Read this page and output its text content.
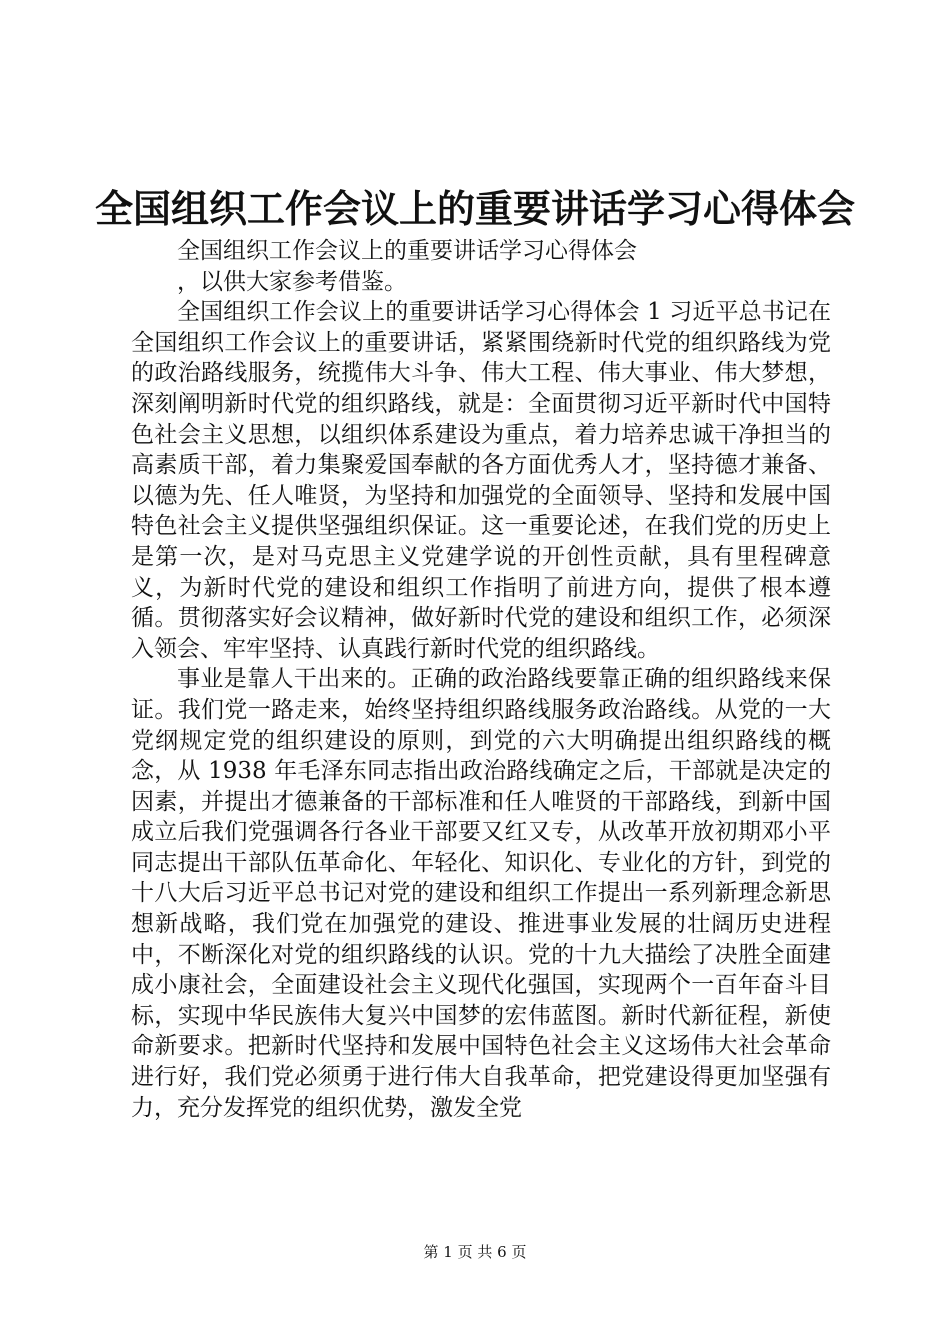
全国组织工作会议上的重要讲话学习心得体会

全国组织工作会议上的重要讲话学习心得体会

，以供大家参考借鉴。

全国组织工作会议上的重要讲话学习心得体会 1 习近平总书记在全国组织工作会议上的重要讲话，紧紧围绕新时代党的组织路线为党的政治路线服务，统揽伟大斗争、伟大工程、伟大事业、伟大梦想，深刻阐明新时代党的组织路线，就是：全面贯彻习近平新时代中国特色社会主义思想，以组织体系建设为重点，着力培养忠诚干净担当的高素质干部，着力集聚爱国奉献的各方面优秀人才，坚持德才兼备、以德为先、任人唯贤，为坚持和加强党的全面领导、坚持和发展中国特色社会主义提供坚强组织保证。这一重要论述，在我们党的历史上是第一次，是对马克思主义党建学说的开创性贡献，具有里程碑意义，为新时代党的建设和组织工作指明了前进方向，提供了根本遵循。贯彻落实好会议精神，做好新时代党的建设和组织工作，必须深入领会、牢牢坚持、认真践行新时代党的组织路线。

事业是靠人干出来的。正确的政治路线要靠正确的组织路线来保证。我们党一路走来，始终坚持组织路线服务政治路线。从党的一大党纲规定党的组织建设的原则，到党的六大明确提出组织路线的概念，从 1938 年毛泽东同志指出政治路线确定之后，干部就是决定的因素，并提出才德兼备的干部标准和任人唯贤的干部路线，到新中国成立后我们党强调各行各业干部要又红又专，从改革开放初期邓小平同志提出干部队伍革命化、年轻化、知识化、专业化的方针，到党的十八大后习近平总书记对党的建设和组织工作提出一系列新理念新思想新战略，我们党在加强党的建设、推进事业发展的壮阔历史进程中，不断深化对党的组织路线的认识。党的十九大描绘了决胜全面建成小康社会，全面建设社会主义现代化强国，实现两个一百年奋斗目标，实现中华民族伟大复兴中国梦的宏伟蓝图。新时代新征程，新使命新要求。把新时代坚持和发展中国特色社会主义这场伟大社会革命进行好，我们党必须勇于进行伟大自我革命，把党建设得更加坚强有力，充分发挥党的组织优势，激发全党

第 1 页 共 6 页
